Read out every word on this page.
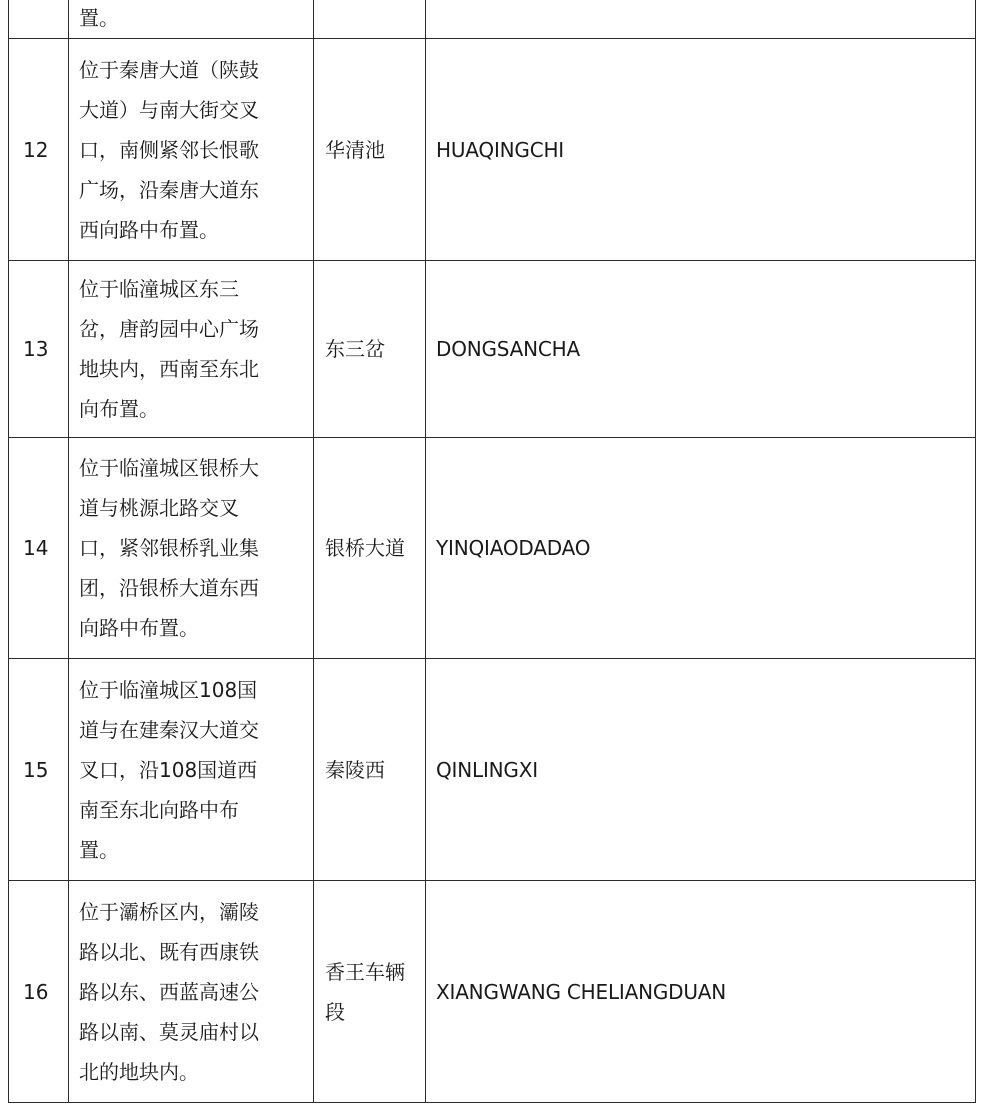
	置。		

12	位于秦唐大道（陕鼓
大道）与南大街交叉
口，南侧紧邻长恨歌
广场，沿秦唐大道东
西向路中布置。	华清池	HUAQINGCHI
13	位于临潼城区东三
岔，唐韵园中心广场
地块内，西南至东北
向布置。	东三岔	DONGSANCHA
14	位于临潼城区银桥大
道与桃源北路交叉
口，紧邻银桥乳业集
团，沿银桥大道东西
向路中布置。	银桥大道	YINQIAODADAO
15	位于临潼城区108国
道与在建秦汉大道交
叉口，沿108国道西
南至东北向路中布
置。	秦陵西	QINLINGXI
16	位于灞桥区内，灞陵
路以北、既有西康铁
路以东、西蓝高速公
路以南、莫灵庙村以
北的地块内。	香王车辆
段	XIANGWANG CHELIANGDUAN
